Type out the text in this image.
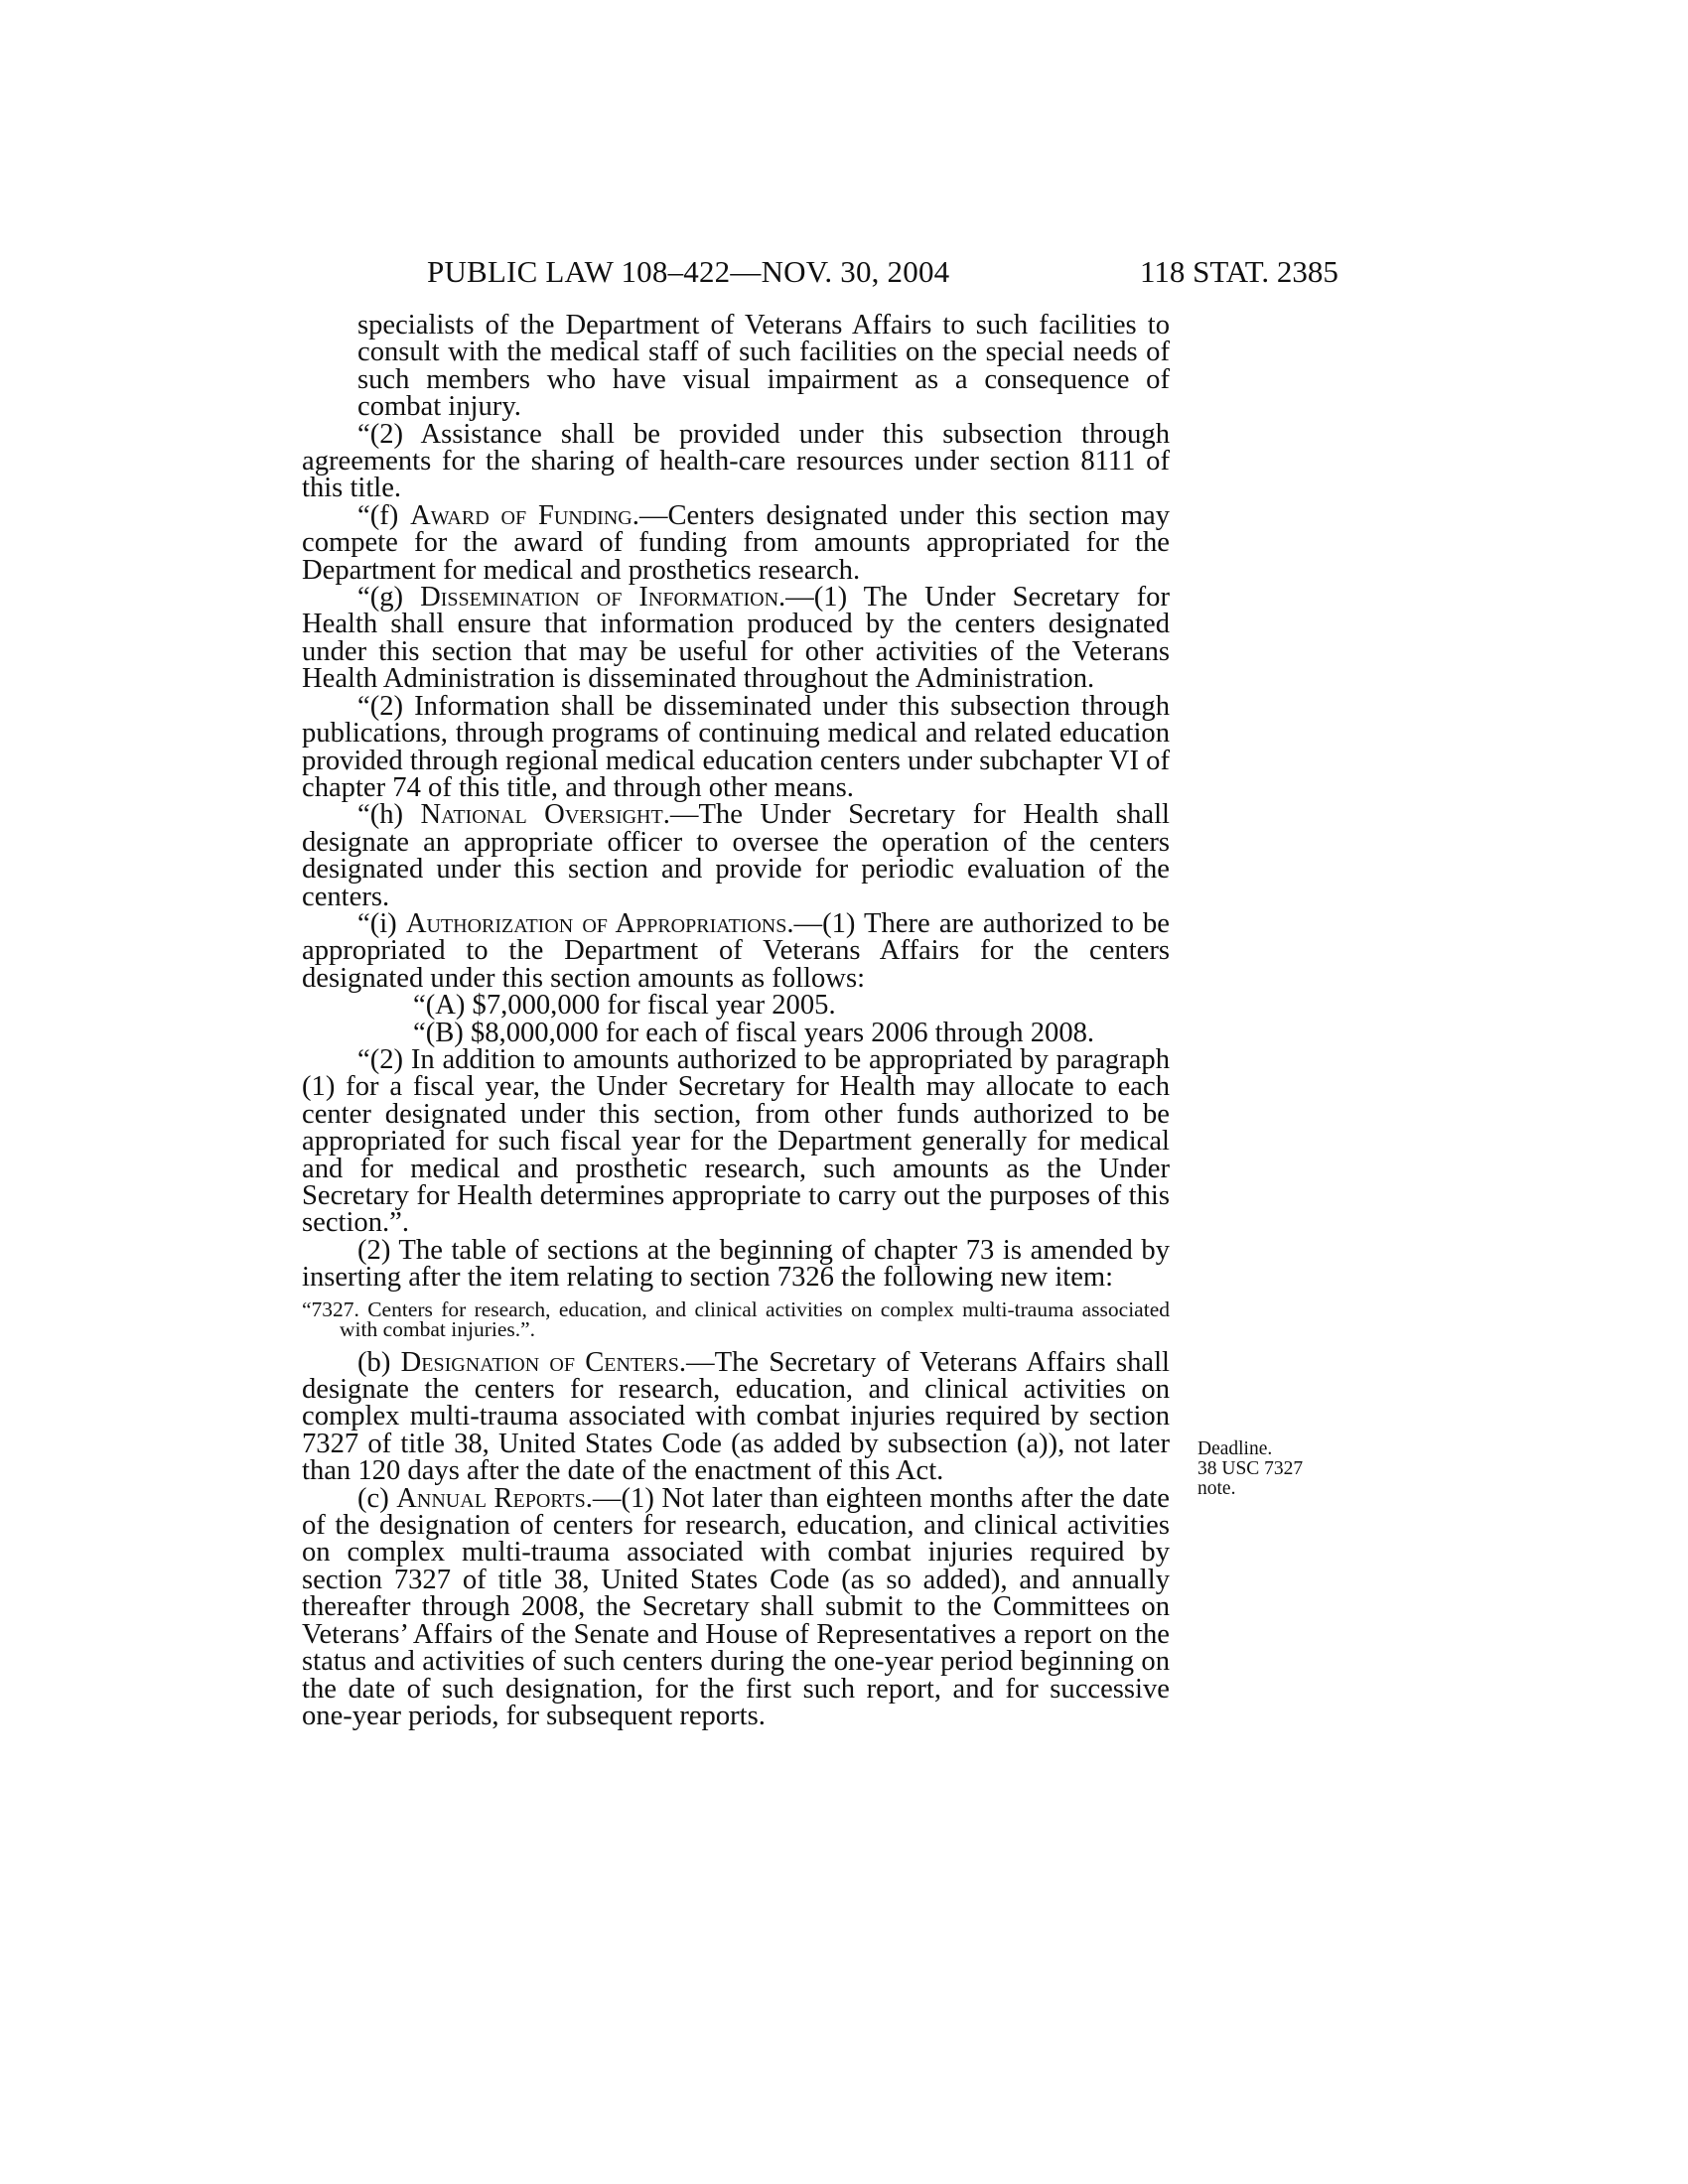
PUBLIC LAW 108–422—NOV. 30, 2004	118 STAT. 2385

specialists of the Department of Veterans Affairs to such facilities to consult with the medical staff of such facilities on the special needs of such members who have visual impairment as a consequence of combat injury.

“(2) Assistance shall be provided under this subsection through agreements for the sharing of health-care resources under section 8111 of this title.

“(f) Award of Funding.—Centers designated under this section may compete for the award of funding from amounts appropriated for the Department for medical and prosthetics research.

“(g) Dissemination of Information.—(1) The Under Secretary for Health shall ensure that information produced by the centers designated under this section that may be useful for other activities of the Veterans Health Administration is disseminated throughout the Administration.

“(2) Information shall be disseminated under this subsection through publications, through programs of continuing medical and related education provided through regional medical education centers under subchapter VI of chapter 74 of this title, and through other means.

“(h) National Oversight.—The Under Secretary for Health shall designate an appropriate officer to oversee the operation of the centers designated under this section and provide for periodic evaluation of the centers.

“(i) Authorization of Appropriations.—(1) There are authorized to be appropriated to the Department of Veterans Affairs for the centers designated under this section amounts as follows:

“(A) $7,000,000 for fiscal year 2005.

“(B) $8,000,000 for each of fiscal years 2006 through 2008.

“(2) In addition to amounts authorized to be appropriated by paragraph (1) for a fiscal year, the Under Secretary for Health may allocate to each center designated under this section, from other funds authorized to be appropriated for such fiscal year for the Department generally for medical and for medical and prosthetic research, such amounts as the Under Secretary for Health determines appropriate to carry out the purposes of this section.”.

(2) The table of sections at the beginning of chapter 73 is amended by inserting after the item relating to section 7326 the following new item:

“7327. Centers for research, education, and clinical activities on complex multi-trauma associated with combat injuries.”.

(b) Designation of Centers.—The Secretary of Veterans Affairs shall designate the centers for research, education, and clinical activities on complex multi-trauma associated with combat injuries required by section 7327 of title 38, United States Code (as added by subsection (a)), not later than 120 days after the date of the enactment of this Act.

(c) Annual Reports.—(1) Not later than eighteen months after the date of the designation of centers for research, education, and clinical activities on complex multi-trauma associated with combat injuries required by section 7327 of title 38, United States Code (as so added), and annually thereafter through 2008, the Secretary shall submit to the Committees on Veterans’ Affairs of the Senate and House of Representatives a report on the status and activities of such centers during the one-year period beginning on the date of such designation, for the first such report, and for successive one-year periods, for subsequent reports.

Deadline.
38 USC 7327
note.
